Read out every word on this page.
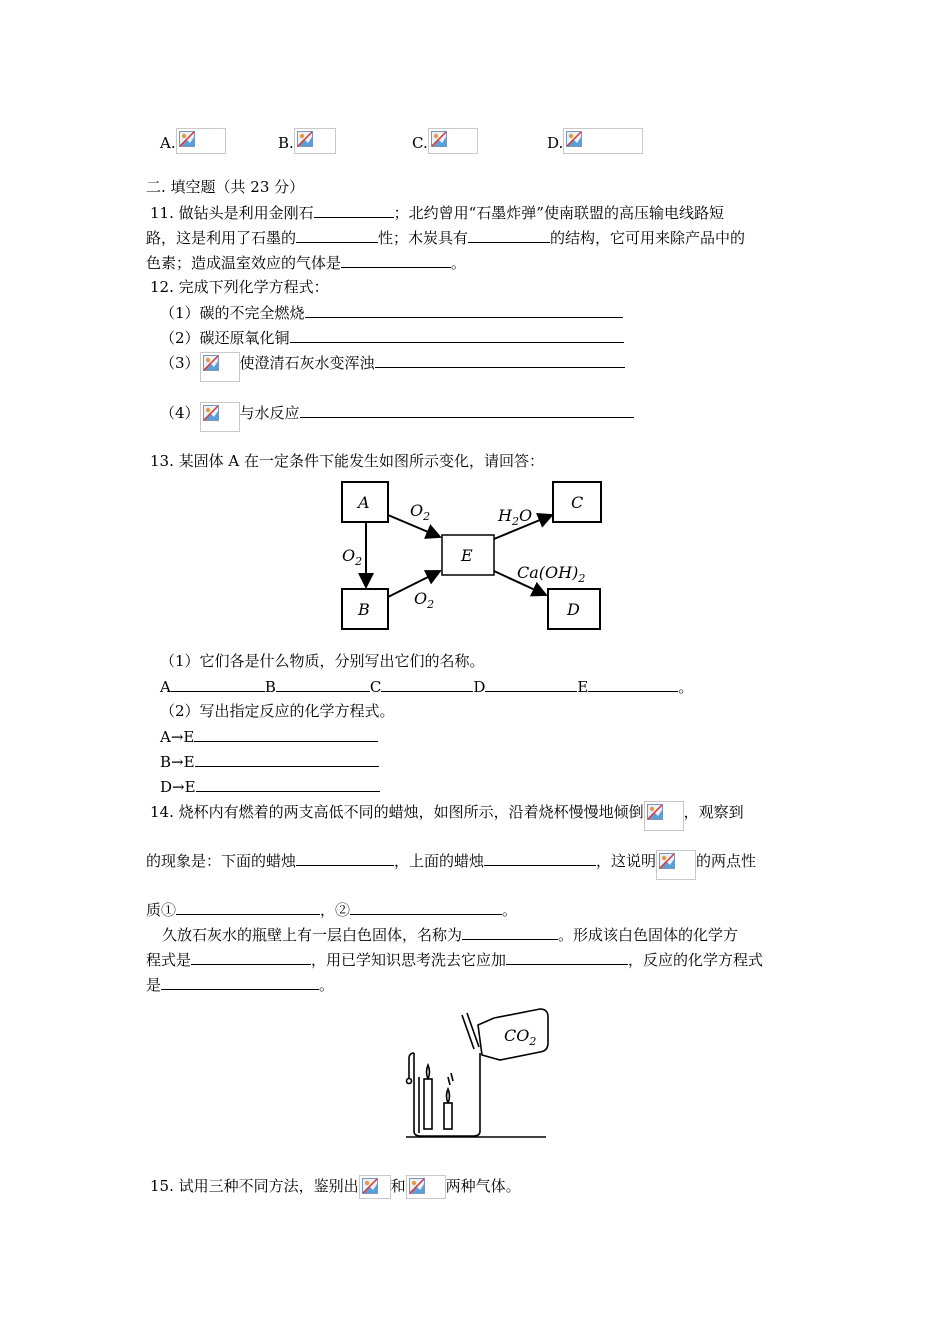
A.	B.	C.	D.
二. 填空题（共 23 分）
11. 做钻头是利用金刚石	；北约曾用“石墨炸弹”使南联盟的高压输电线路短
路，这是利用了石墨的	性；木炭具有	的结构，它可用来除产品中的
色素；造成温室效应的气体是	。
12. 完成下列化学方程式：
（1）碳的不完全燃烧
（2）碳还原氧化铜
（3）	使澄清石灰水变浑浊
（4）	与水反应
13. 某固体 A 在一定条件下能发生如图所示变化，请回答：
A	C
E
B	D
$O_2$
$O_2$
$O_2$
$H_2O$
$Ca(OH)_2$
（1）它们各是什么物质，分别写出它们的名称。
A	B	C	D	E	。
（2）写出指定反应的化学方程式。
A→E
B→E
D→E
14. 烧杯内有燃着的两支高低不同的蜡烛，如图所示，沿着烧杯慢慢地倾倒	，观察到
的现象是：下面的蜡烛	，上面的蜡烛	，这说明	的两点性
质①	，②	。
久放石灰水的瓶壁上有一层白色固体，名称为	。形成该白色固体的化学方
程式是	，用已学知识思考洗去它应加	，反应的化学方程式
是	。
$CO_2$
15. 试用三种不同方法，鉴别出 和	两种气体。
